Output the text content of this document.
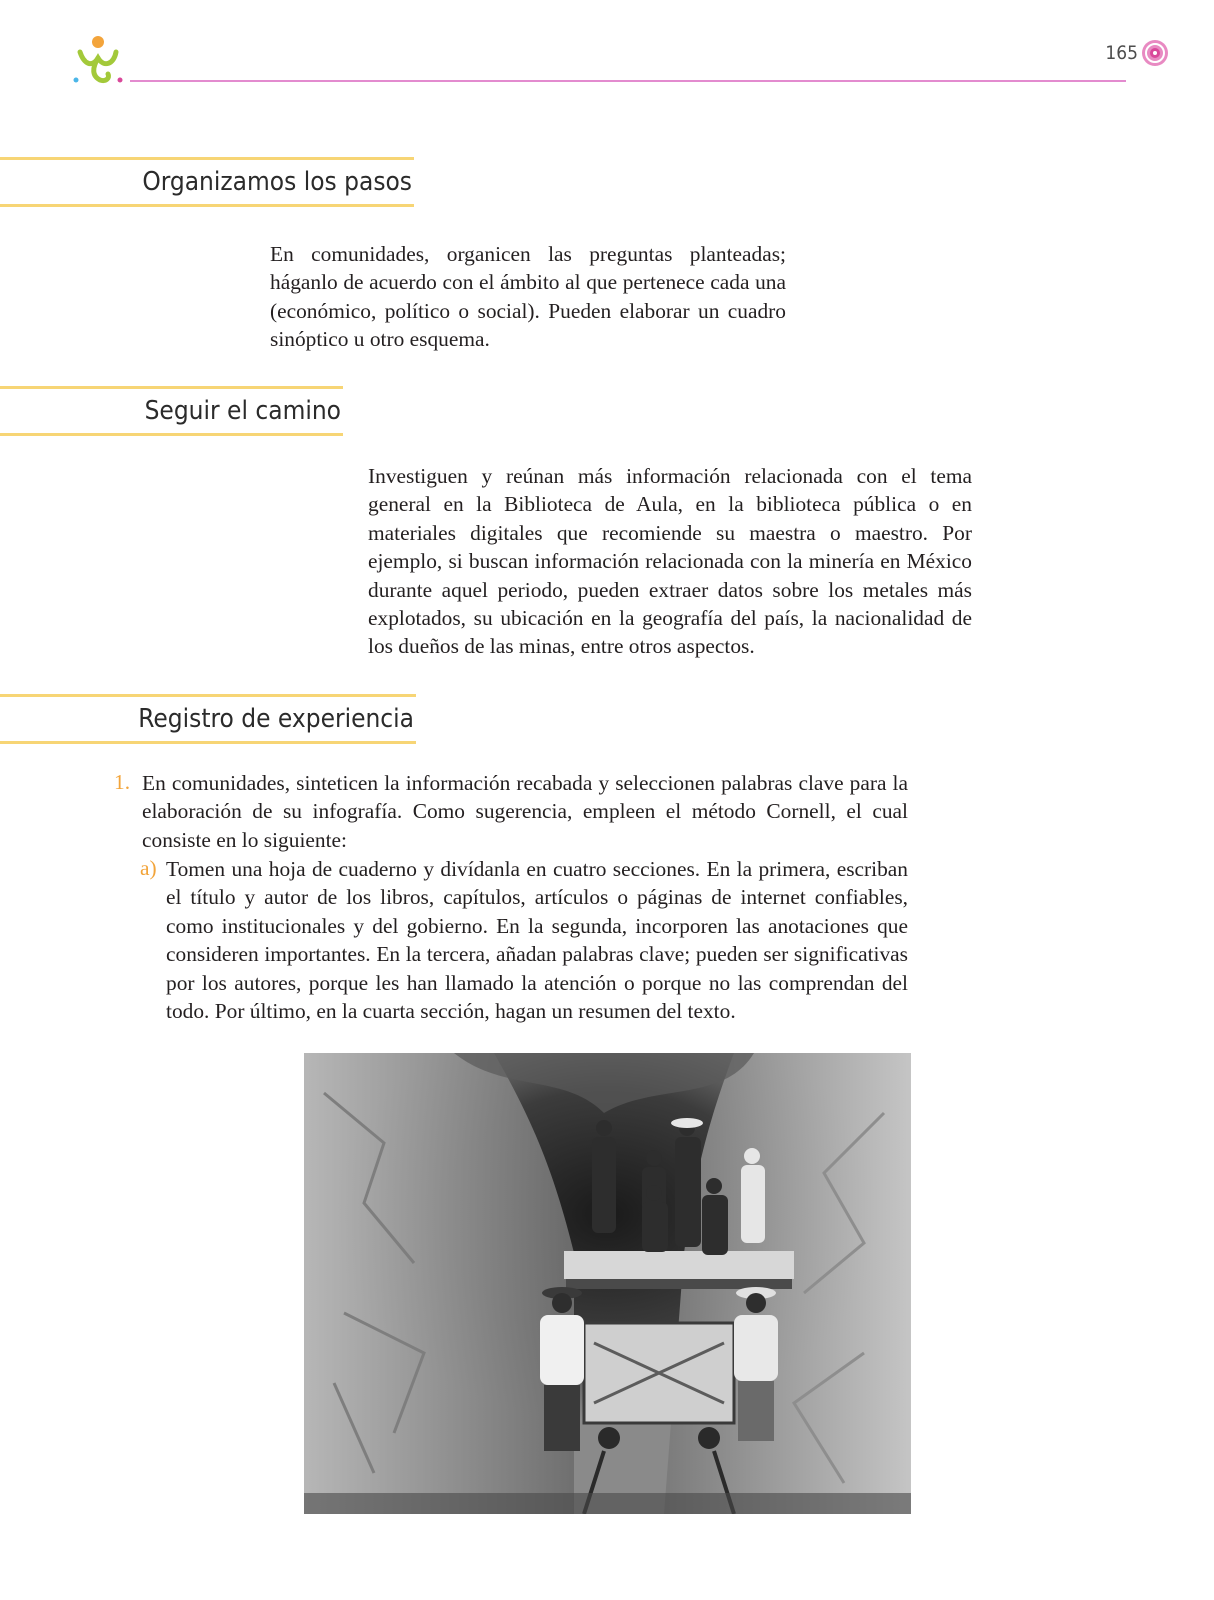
165
Organizamos los pasos

En comunidades, organicen las preguntas planteadas; háganlo de acuerdo con el ámbito al que pertenece cada una (económico, político o social). Pueden elaborar un cuadro sinóptico u otro esquema.

Seguir el camino

Investiguen y reúnan más información relacionada con el tema general en la Biblioteca de Aula, en la biblioteca pública o en materiales digitales que recomiende su maestra o maestro. Por ejemplo, si buscan información relacionada con la minería en México durante aquel periodo, pueden extraer datos sobre los metales más explotados, su ubicación en la geografía del país, la nacionalidad de los dueños de las minas, entre otros aspectos.

Registro de experiencia
1. En comunidades, sinteticen la información recabada y seleccionen palabras clave para la elaboración de su infografía. Como sugerencia, empleen el método Cornell, el cual consiste en lo siguiente:

a) Tomen una hoja de cuaderno y divídanla en cuatro secciones. En la primera, escriban el título y autor de los libros, capítulos, artículos o páginas de internet confiables, como institucionales y del gobierno. En la segunda, incorporen las anotaciones que consideren importantes. En la tercera, añadan palabras clave; pueden ser significativas por los autores, porque les han llamado la atención o porque no las comprendan del todo. Por último, en la cuarta sección, hagan un resumen del texto.
